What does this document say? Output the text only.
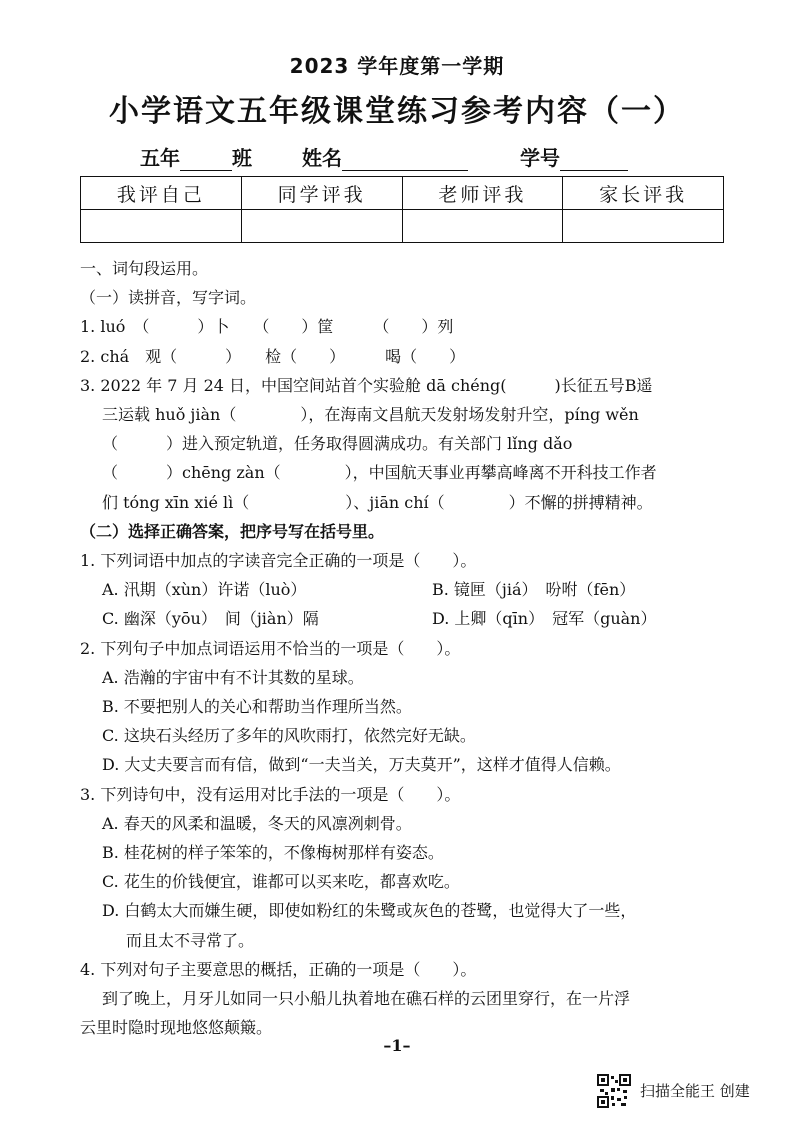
2023 学年度第一学期
小学语文五年级课堂练习参考内容（一）
五年	班	姓名	学号
我评自己	同学评我	老师评我	家长评我

一、词句段运用。
（一）读拼音，写字词。
1. luó　（　　　）卜　　（　　）筐　　　（　　）列
2. chá　观（　　　）　　检（　　）　　　喝（　　）
3. 2022 年 7 月 24 日，中国空间站首个实验舱 dā chéng(　　　)长征五号B遥
三运载 huǒ jiàn（　　　　），在海南文昌航天发射场发射升空，píng wěn
（　　　）进入预定轨道，任务取得圆满成功。有关部门 lǐng dǎo
（　　　）chēng zàn（　　　　），中国航天事业再攀高峰离不开科技工作者
们 tóng xīn xié lì（　　　　　　）、jiān chí（　　　　）不懈的拼搏精神。
（二）选择正确答案，把序号写在括号里。
1. 下列词语中加点的字读音完全正确的一项是（　　）。
A. 汛期（xùn）许诺（luò）	B. 镜匣（jiá）　吩咐（fēn）
C. 幽深（yōu）　间（jiàn）隔	D. 上卿（qīn）　冠军（guàn）
2. 下列句子中加点词语运用不恰当的一项是（　　）。
A. 浩瀚的宇宙中有不计其数的星球。
B. 不要把别人的关心和帮助当作理所当然。
C. 这块石头经历了多年的风吹雨打，依然完好无缺。
D. 大丈夫要言而有信，做到“一夫当关，万夫莫开”，这样才值得人信赖。
3. 下列诗句中，没有运用对比手法的一项是（　　）。
A. 春天的风柔和温暖，冬天的风凛冽刺骨。
B. 桂花树的样子笨笨的，不像梅树那样有姿态。
C. 花生的价钱便宜，谁都可以买来吃，都喜欢吃。
D. 白鹤太大而嫌生硬，即使如粉红的朱鹭或灰色的苍鹭，也觉得大了一些，
而且太不寻常了。
4. 下列对句子主要意思的概括，正确的一项是（　　）。
到了晚上，月牙儿如同一只小船儿执着地在礁石样的云团里穿行，在一片浮
云里时隐时现地悠悠颠簸。
–1–
扫描全能王 创建
